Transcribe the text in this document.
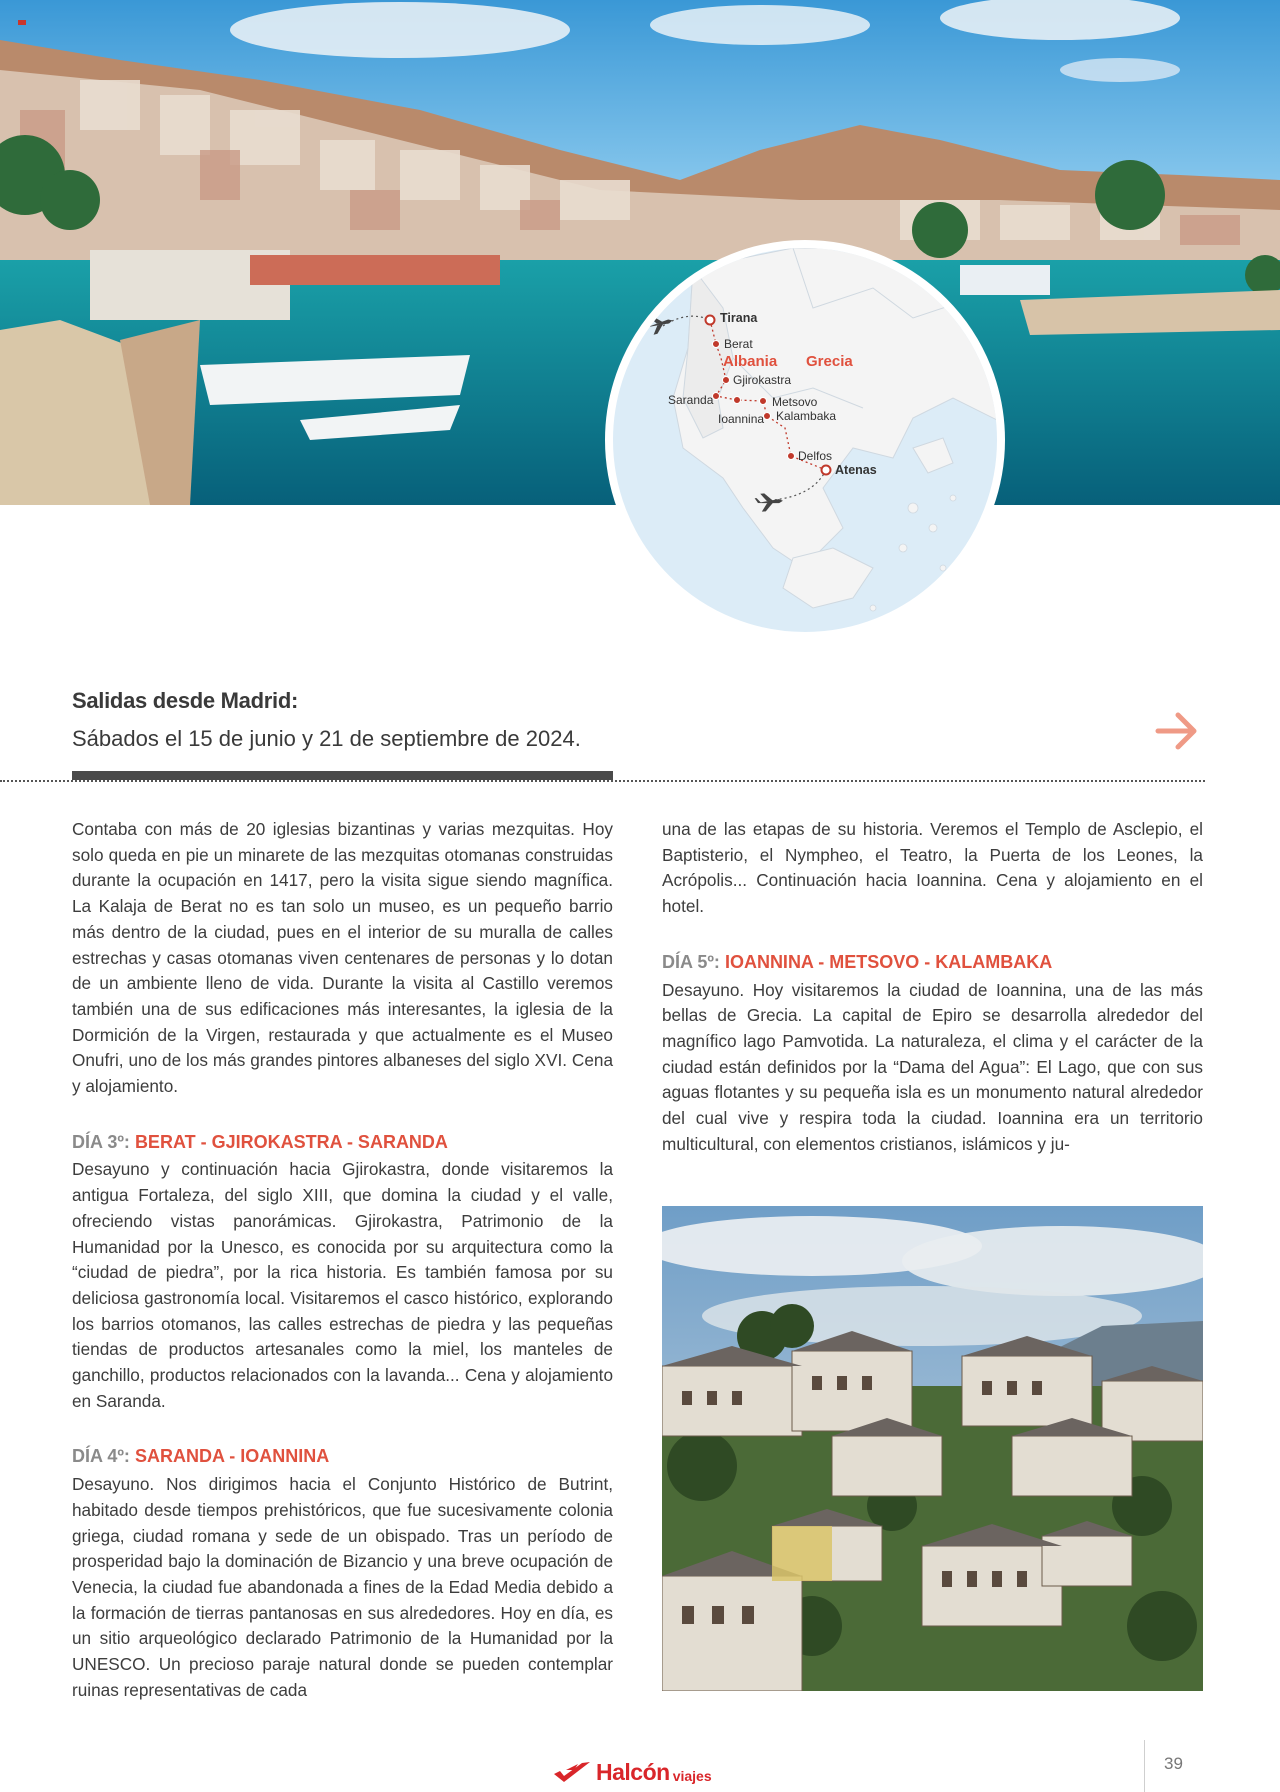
Tirana
Berat
Albania Grecia
Gjirokastra
Saranda	Metsovo
Ioannina Kalambaka
Delfos
Atenas
Salidas desde Madrid:
Sábados el 15 de junio y 21 de septiembre de 2024.

Contaba con más de 20 iglesias bizantinas y varias mezquitas. Hoy solo queda en pie un minarete de las mezquitas otomanas construidas durante la ocupación en 1417, pero la visita sigue siendo magnífica. La Kalaja de Berat no es tan solo un museo, es un pequeño barrio más dentro de la ciudad, pues en el interior de su muralla de calles estrechas y casas otomanas viven centenares de personas y lo dotan de un ambiente lleno de vida. Durante la visita al Castillo veremos también una de sus edificaciones más interesantes, la iglesia de la Dormición de la Virgen, restaurada y que actualmente es el Museo Onufri, uno de los más grandes pintores albaneses del siglo XVI. Cena y alojamiento.

DÍA 3º: BERAT - GJIROKASTRA - SARANDA

Desayuno y continuación hacia Gjirokastra, donde visitaremos la antigua Fortaleza, del siglo XIII, que domina la ciudad y el valle, ofreciendo vistas panorámicas. Gjirokastra, Patrimonio de la Humanidad por la Unesco, es conocida por su arquitectura como la “ciudad de piedra”, por la rica historia. Es también famosa por su deliciosa gastronomía local. Visitaremos el casco histórico, explorando los barrios otomanos, las calles estrechas de piedra y las pequeñas tiendas de productos artesanales como la miel, los manteles de ganchillo, productos relacionados con la lavanda... Cena y alojamiento en Saranda.

DÍA 4º: SARANDA - IOANNINA

Desayuno. Nos dirigimos hacia el Conjunto Histórico de Butrint, habitado desde tiempos prehistóricos, que fue sucesivamente colonia griega, ciudad romana y sede de un obispado. Tras un período de prosperidad bajo la dominación de Bizancio y una breve ocupación de Venecia, la ciudad fue abandonada a fines de la Edad Media debido a la formación de tierras pantanosas en sus alrededores. Hoy en día, es un sitio arqueológico declarado Patrimonio de la Humanidad por la UNESCO. Un precioso paraje natural donde se pueden contemplar ruinas representativas de cada

una de las etapas de su historia. Veremos el Templo de Asclepio, el Baptisterio, el Nympheo, el Teatro, la Puerta de los Leones, la Acrópolis... Continuación hacia Ioannina. Cena y alojamiento en el hotel.

DÍA 5º: IOANNINA - METSOVO - KALAMBAKA

Desayuno. Hoy visitaremos la ciudad de Ioannina, una de las más bellas de Grecia. La capital de Epiro se desarrolla alrededor del magnífico lago Pamvotida. La naturaleza, el clima y el carácter de la ciudad están definidos por la “Dama del Agua”: El Lago, que con sus aguas flotantes y su pequeña isla es un monumento natural alrededor del cual vive y respira toda la ciudad. Ioannina era un territorio multicultural, con elementos cristianos, islámicos y ju-

Halcón viajes
39
